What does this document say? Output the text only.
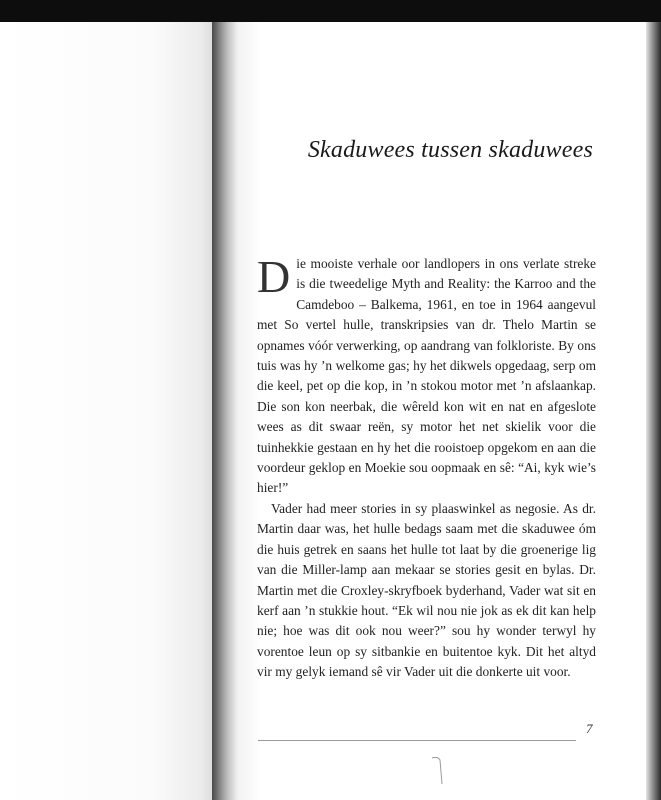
Skaduwees tussen skaduwees

Die mooiste verhale oor landlopers in ons verlate streke is die tweedelige Myth and Reality: the Karroo and the Camdeboo – Balkema, 1961, en toe in 1964 aangevul met So vertel hulle, transkripsies van dr. Thelo Martin se opnames vóór verwerking, op aandrang van folkloriste. By ons tuis was hy ’n welkome gas; hy het dikwels opgedaag, serp om die keel, pet op die kop, in ’n stokou motor met ’n afslaankap. Die son kon neerbak, die wêreld kon wit en nat en afgeslote wees as dit swaar reën, sy motor het net skielik voor die tuinhekkie gestaan en hy het die rooistoep opgekom en aan die voordeur geklop en Moekie sou oopmaak en sê: “Ai, kyk wie’s hier!”

Vader had meer stories in sy plaaswinkel as negosie. As dr. Martin daar was, het hulle bedags saam met die skaduwee óm die huis getrek en saans het hulle tot laat by die groenerige lig van die Miller-lamp aan mekaar se stories gesit en bylas. Dr. Martin met die Croxley-skryfboek byderhand, Vader wat sit en kerf aan ’n stukkie hout. “Ek wil nou nie jok as ek dit kan help nie; hoe was dit ook nou weer?” sou hy wonder terwyl hy vorentoe leun op sy sitbankie en buitentoe kyk. Dit het altyd vir my gelyk iemand sê vir Vader uit die donkerte uit voor.

7
